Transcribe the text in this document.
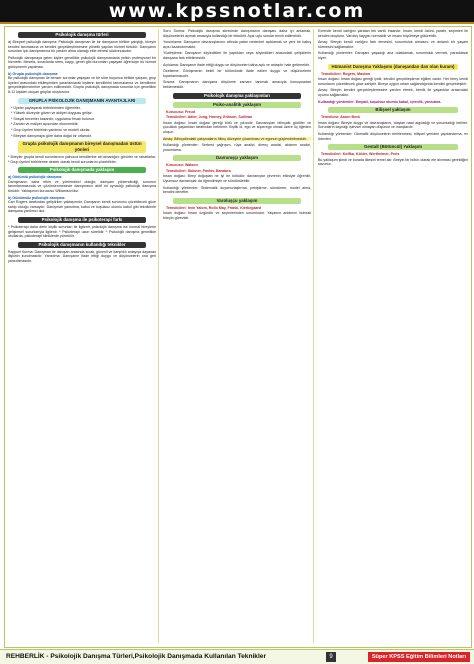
www.kpssnotlar.com
Psikolojik danışma türleri

a) Bireysel psikolojik danışma: Psikolojik danışman ile bir danışanın birlikte çalıştığı, bireyin kendini tanımasına ve kendini gerçekleştirmesine yönelik yapılan hizmet türüdür. Danışanın sorunları için danışmanına bir yardım alma olanağı elde etmesi sözkonusudur.

Psikolojik danışmaya gelen kişiler genellikle psikolojik danışmanlarla yetkin profesyonel bir hizmetin. Mesela, sınavlarda stres, kaygı, genel gibi durumları yaşayan öğrenciye bu hizmet görüşmenin yapılması.

b) Grupla psikolojik danışma:

Bir psikolojik danışman ile benzer sorunlar yaşayan ve bir süre boyunca birlikte çalışan, grup üyeleri arasındaki etkileşimden yararlanılarak kişilerin kendilerini tanımalarına ve kendilerini gerçekleştirmelerine yardım edilmesidir. Grupla psikolojik danışmada sorunlar için genellikle 8-12 kişiden oluşan gruplar oluşturulur.

GRUPLA PSİKOLOJİK DANIŞMANIN AVANTAJLARI
* Üyeler paylaşarak birbirlerinden öğrenirler.
* Yüksek düzeyde güven ve aidiyet duygusu gelişir.
* Sosyal beceriler kazanılır, uygulama fırsatı bulunur.
* Zaman ve maliyet açısından ekonomiktir.
* Grup üyeleri birbirinin yardımcı ve modeli olurlar.
* Bireysel danışmaya göre daha doğal bir ortamdır.
Grupla psikolojik danışmanın bireysel danışmadan üstün yönleri

* Bireyler grupta kendi sorunlarının yalnızca kendilerine ait olmadığını görürler ve rahatlarlar. * Grup üyeleri birbirlerine destek olarak kendi sorunlarını çözebilirler.

Psikolojik danışmada yaklaşım
a) Güdümlü psikolojik danışma:

Danışmanın daha etkin ve yönlendirici olduğu; danışanı yönlendirdiği, sorunun tanımlanmasında ve çözümlenmesinde danışmanın aktif rol oynadığı psikolojik danışma türüdür. Yaklaşımın kurucusu Williamson'dur.

b) Güdümsüz psikolojik danışma:

Carl Rogers tarafından geliştirilen yaklaşımdır. Danışanın kendi sorununu çözebilecek güce sahip olduğu varsayılır. Danışman yansıtma, kabul ve koşulsuz olumlu kabul gibi tekniklerle danışana yardımcı olur.

Psikolojik danışma ile psikoterapi farkı

* Psikoterapi daha derin kişilik sorunları ile ilgilenir, psikolojik danışma ise normal bireylerin gelişimsel sorunlarıyla ilgilenir. * Psikoterapi uzun sürelidir. * Psikolojik danışma genellikle okullarda, psikoterapi kliniklerde yürütülür.

Psikolojik danışmanın kullandığı teknikler

Rapport Kurma: Danışman ile danışan arasında sıcak, güvenli ve karşılıklı anlayışa dayanan ilişkinin kurulmasıdır. Yansıtma: Danışanın ifade ettiği duygu ve düşüncelerin ona geri yansıtılmasıdır.

Soru Sorma: Psikolojik danışma sürecinde danışmanın danışanı daha iyi anlamak, düşüncelerini açmak amacıyla kullandığı bir tekniktir. Açık uçlu sorular tercih edilmelidir.

Yorumlama: Danışanın davranışlarının altında yatan nedenleri açıklamak ve yeni bir bakış açısı kazandırmaktır.

Yüzleştirme: Danışanın söyledikleri ile yaptıkları veya söyledikleri arasındaki çelişkilerin danışana fark ettirilmesidir.

Açıklama: Danışanın ifade ettiği duygu ve düşünceleri daha açık ve anlaşılır hale getirmektir.

Özetleme: Görüşmenin belirli bir bölümünde ifade edilen duygu ve düşüncelerin toparlanmasıdır.

Susma: Danışmanın danışana düşünme zamanı tanımak amacıyla konuşmadan beklemesidir.

Psikolojik danışma yaklaşımları
Psiko-analitik yaklaşım
Kurucusu: Freud
Temsilcileri: Adler, Jung, Horney, Erikson, Sullivan

İnsan doğası: İnsan doğası gereği kötü ve yıkıcıdır. Davranışları bilinçaltı güdüler ve çocukluk yaşantıları tarafından belirlenir. Kişilik id, ego ve süperego olmak üzere üç öğeden oluşur.

Amaç: Bilinçaltındaki çatışmaların bilinç düzeyine çıkarılması ve egonun güçlendirilmesidir.

Kullandığı yöntemler: Serbest çağrışım, rüya analizi, direnç analizi, aktarım analizi, yorumlama.

Davranışçı yaklaşım
Kurucusu: Watson
Temsilcileri: Skinner, Pavlov, Bandura

İnsan doğası: Birey doğuştan ne iyi ne kötüdür; davranışlar çevrenin etkisiyle öğrenilir. Uyumsuz davranışlar da öğrenilmiştir ve söndürülebilir.

Kullandığı yöntemler: Sistematik duyarsızlaştırma, pekiştirme, söndürme, model alma, kendini denetim.

Varoluşçu yaklaşım
Temsilcileri: Irvin Yalom, Rollo May, Frankl, Kierkegaard

İnsan doğası: İnsan özgürdür ve seçimlerinden sorumludur. Yaşamın anlamını bulmak bireyin görevidir.

Evrende kendi varlığını yaratan tek varlık insandır. İnsan, kendi özünü yaratır, seçimleri ile kendini oluşturur. Varoluş kaygısı normaldir ve insanı büyümeye götürebilir.

Amaç: Bireyin kendi varlığını fark etmesini, sorumluluk almasını ve anlamlı bir yaşam sürmesini sağlamaktır.

Kullandığı yöntemler: Danışanı yaşadığı ana odaklamak, sorumluluk vermek, paradoksal niyet.

Hümanist Danışma Yaklaşımı (danışandan dan olan kuram)
Temsilcileri: Rogers, Maslow

İnsan doğası: İnsan doğası gereği iyidir, kendini gerçekleştirme eğilimi vardır. Her birey kendi sorunlarını çözebilecek güce sahiptir. Bireye uygun ortam sağlandığında kendini gerçekleştirir.

Amaç: Bireyin kendini gerçekleştirmesine yardım etmek, benlik ile yaşantılar arasındaki uyumu sağlamaktır.

Kullandığı yöntemler: Empati, koşulsuz olumlu kabul, içtenlik, yansıtma.

Bilişsel yaklaşım
Temsilcisi: Aaron Beck

İnsan doğası: Bireyin duygu ve davranışlarını, olayları nasıl algıladığı ve yorumladığı belirler. Sorunların kaynağı işlevsel olmayan düşünce ve inançlardır.

Kullandığı yöntemler: Otomatik düşüncelerin belirlenmesi, bilişsel yeniden yapılandırma, ev ödevleri.

Gestalt (Bütüncül) Yaklaşım
Temsilcileri: Koffka, Köhler, Wertheimer, Perls

Bu yaklaşım şimdi ve burada ilkesini temel alır. Bireyin bir bütün olarak ele alınması gerektiğini savunur.

REHBERLİK - Psikolojik Danışma Türleri,Psikolojik Danışmada Kullanılan Teknikler	9	Süper KPSS Eğitim Bilimleri Notları
